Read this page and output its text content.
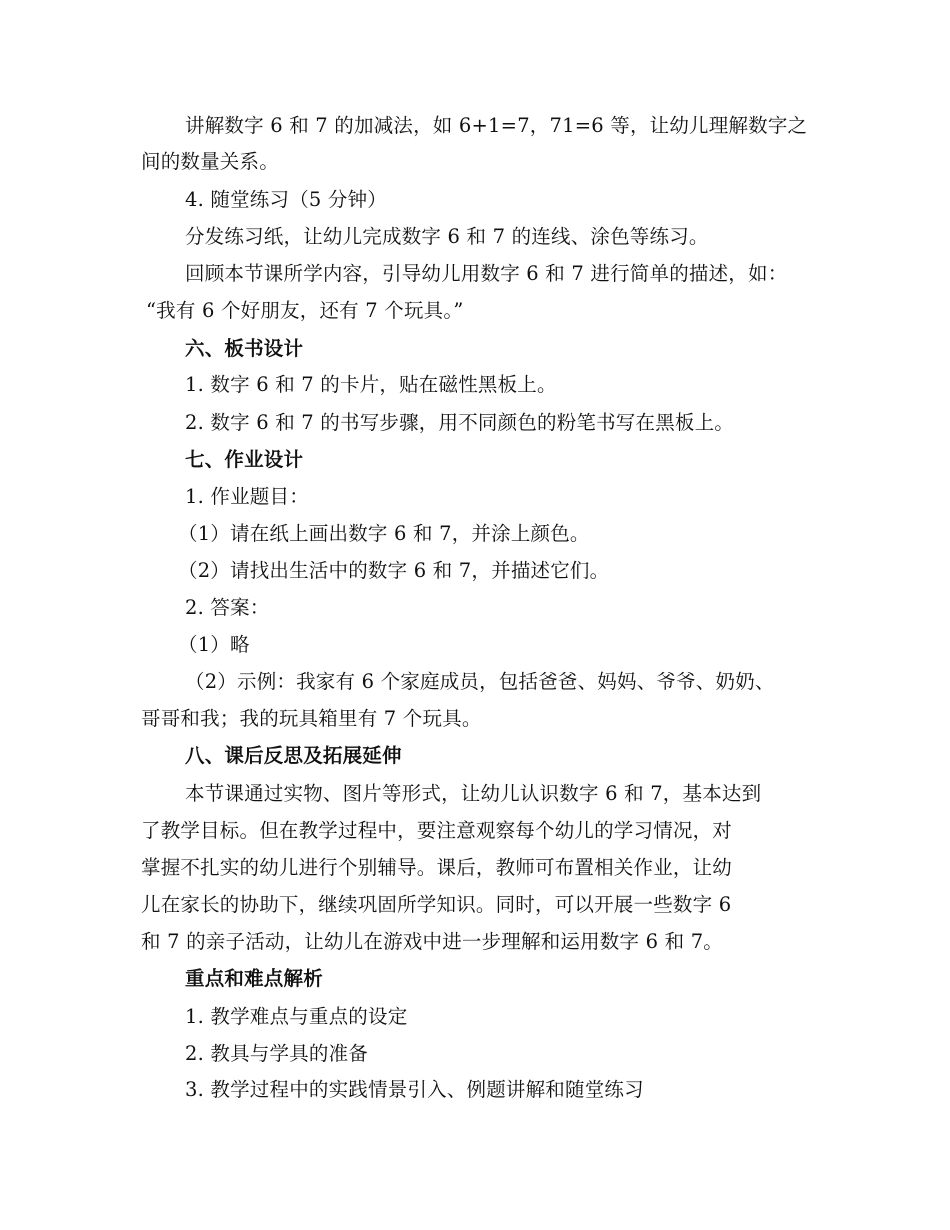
讲解数字 6 和 7 的加减法，如 6+1=7，71=6 等，让幼儿理解数字之
间的数量关系。
4. 随堂练习（5 分钟）
分发练习纸，让幼儿完成数字 6 和 7 的连线、涂色等练习。
回顾本节课所学内容，引导幼儿用数字 6 和 7 进行简单的描述，如：
“我有 6 个好朋友，还有 7 个玩具。”
六、板书设计
1. 数字 6 和 7 的卡片，贴在磁性黑板上。
2. 数字 6 和 7 的书写步骤，用不同颜色的粉笔书写在黑板上。
七、作业设计
1. 作业题目：
（1）请在纸上画出数字 6 和 7，并涂上颜色。
（2）请找出生活中的数字 6 和 7，并描述它们。
2. 答案：
（1）略
（2）示例：我家有 6 个家庭成员，包括爸爸、妈妈、爷爷、奶奶、
哥哥和我；我的玩具箱里有 7 个玩具。
八、课后反思及拓展延伸
本节课通过实物、图片等形式，让幼儿认识数字 6 和 7，基本达到
了教学目标。但在教学过程中，要注意观察每个幼儿的学习情况，对
掌握不扎实的幼儿进行个别辅导。课后，教师可布置相关作业，让幼
儿在家长的协助下，继续巩固所学知识。同时，可以开展一些数字 6
和 7 的亲子活动，让幼儿在游戏中进一步理解和运用数字 6 和 7。
重点和难点解析
1. 教学难点与重点的设定
2. 教具与学具的准备
3. 教学过程中的实践情景引入、例题讲解和随堂练习
